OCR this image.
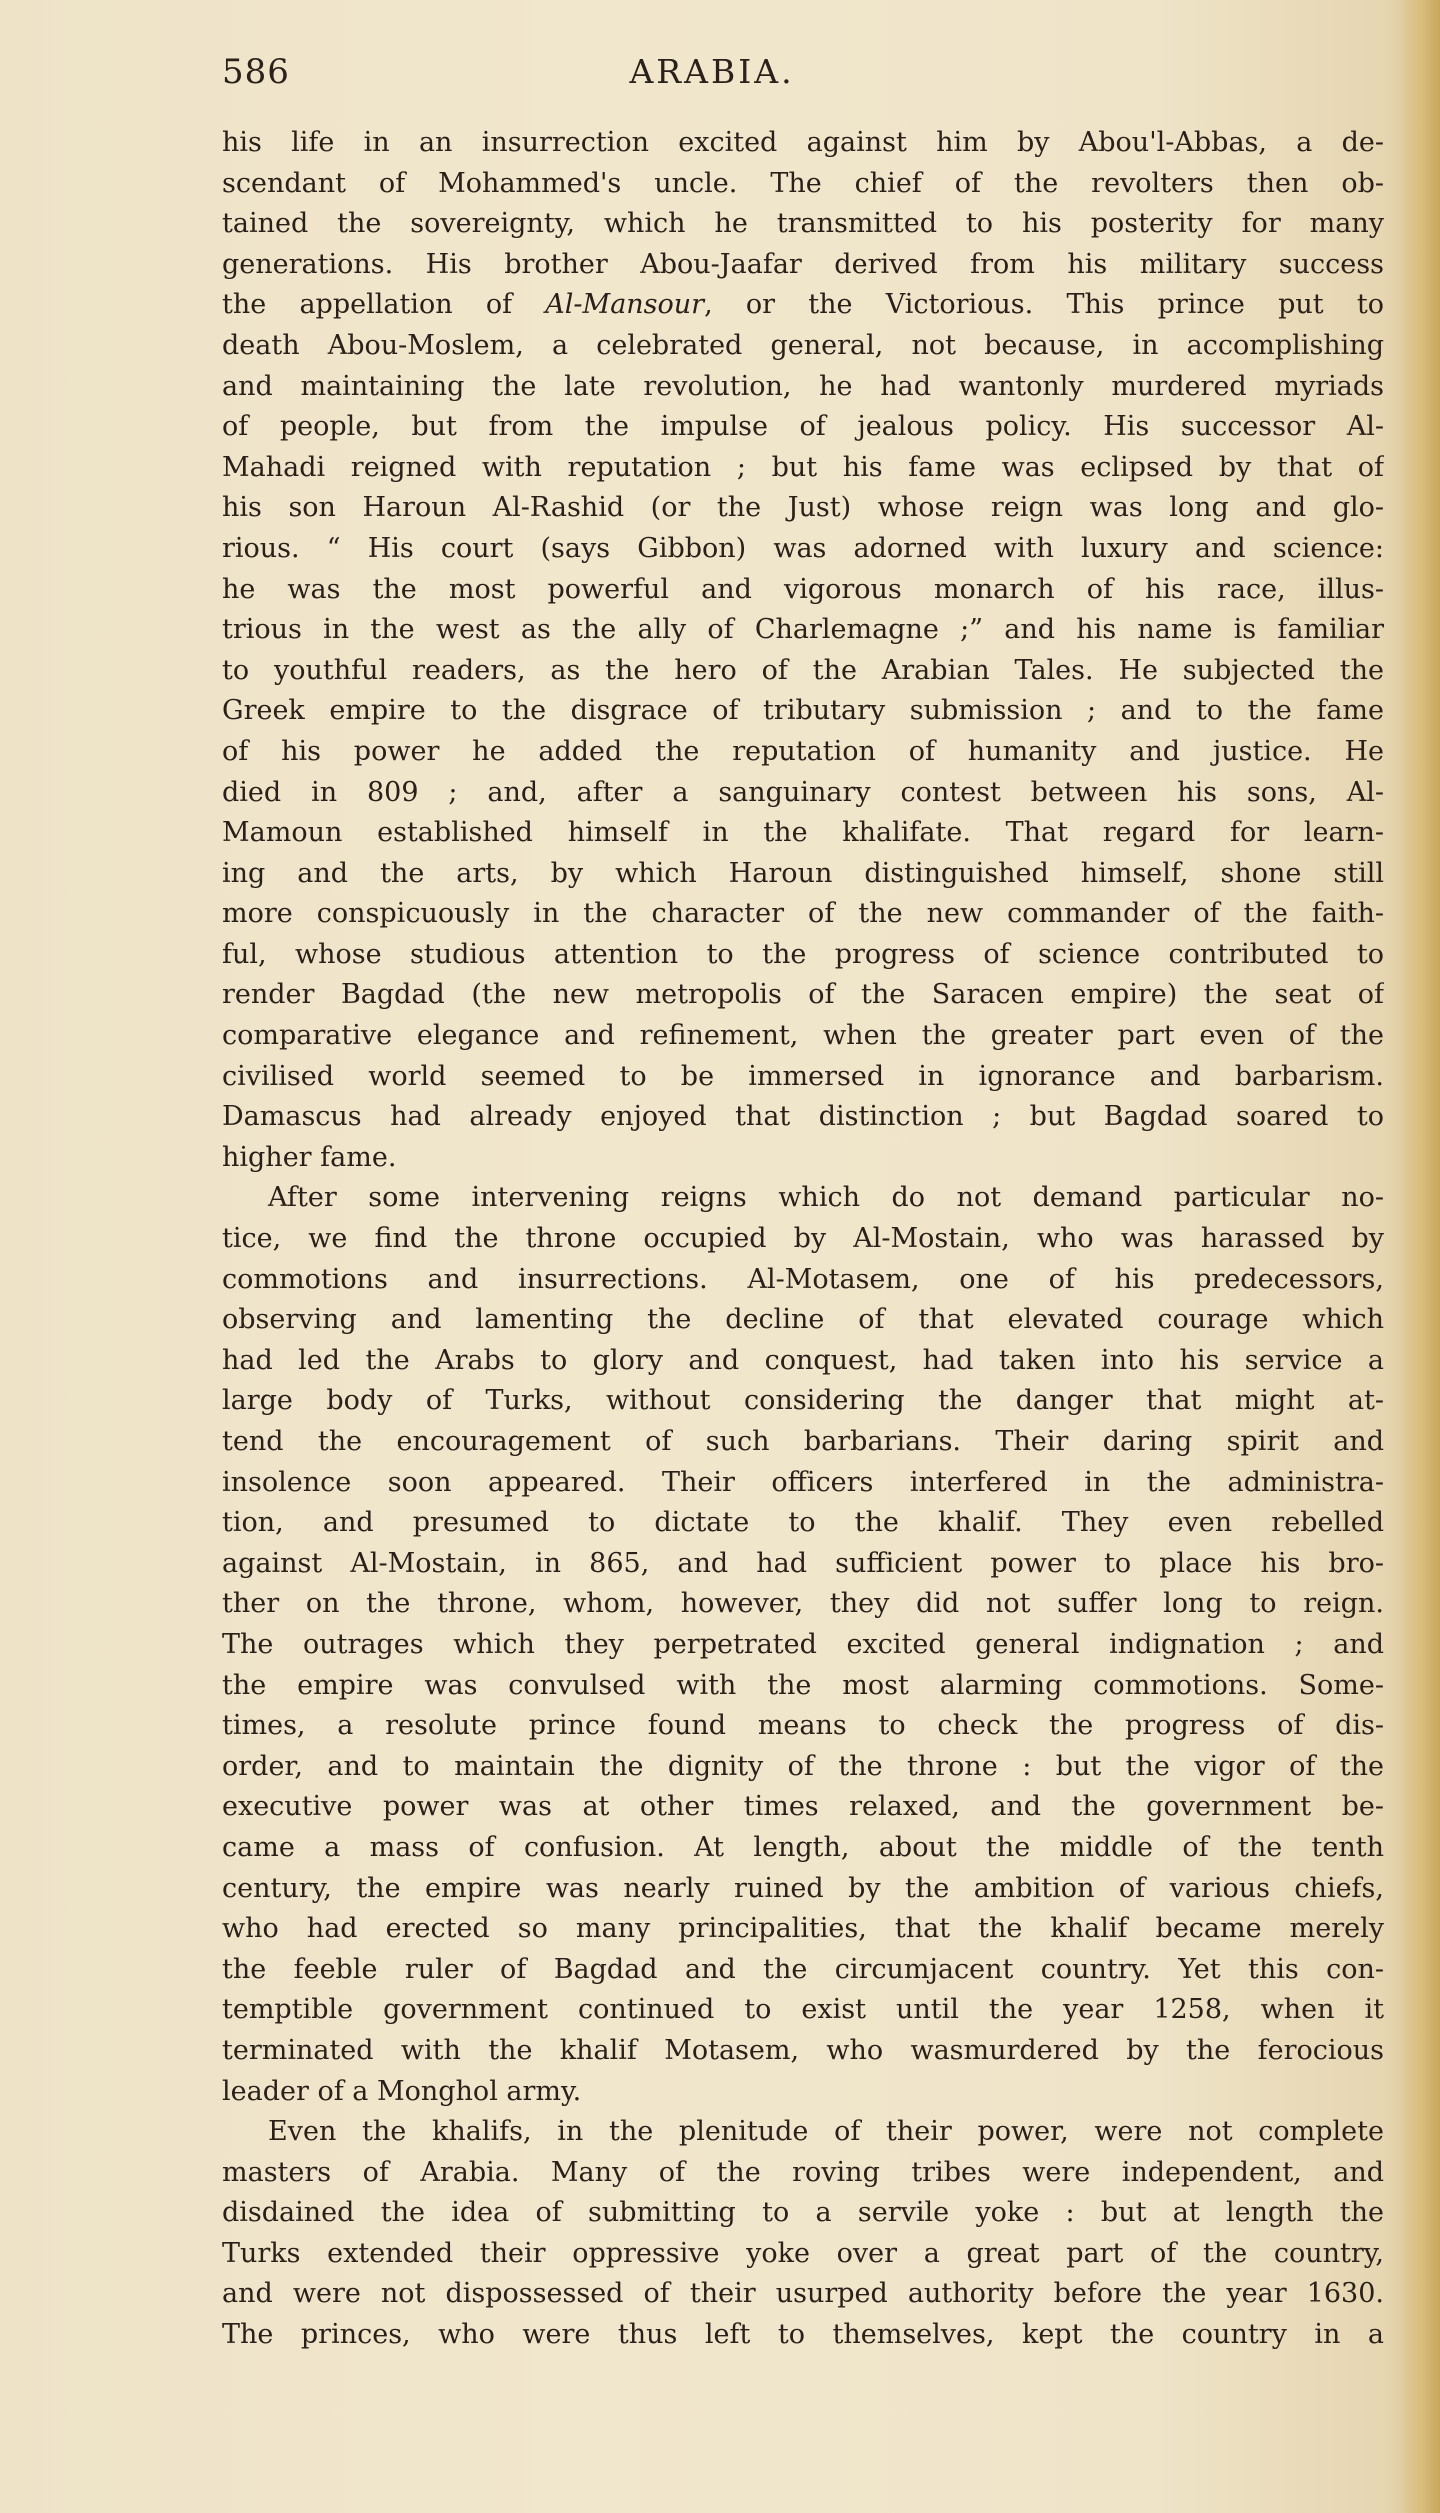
586	ARABIA.
his life in an insurrection excited against him by Abou'l-Abbas, a de-
scendant of Mohammed's uncle. The chief of the revolters then ob-
tained the sovereignty, which he transmitted to his posterity for many
generations. His brother Abou-Jaafar derived from his military success
the appellation of Al-Mansour, or the Victorious. This prince put to
death Abou-Moslem, a celebrated general, not because, in accomplishing
and maintaining the late revolution, he had wantonly murdered myriads
of people, but from the impulse of jealous policy. His successor Al-
Mahadi reigned with reputation ; but his fame was eclipsed by that of
his son Haroun Al-Rashid (or the Just) whose reign was long and glo-
rious. “ His court (says Gibbon) was adorned with luxury and science:
he was the most powerful and vigorous monarch of his race, illus-
trious in the west as the ally of Charlemagne ;” and his name is familiar
to youthful readers, as the hero of the Arabian Tales. He subjected the
Greek empire to the disgrace of tributary submission ; and to the fame
of his power he added the reputation of humanity and justice. He
died in 809 ; and, after a sanguinary contest between his sons, Al-
Mamoun established himself in the khalifate. That regard for learn-
ing and the arts, by which Haroun distinguished himself, shone still
more conspicuously in the character of the new commander of the faith-
ful, whose studious attention to the progress of science contributed to
render Bagdad (the new metropolis of the Saracen empire) the seat of
comparative elegance and refinement, when the greater part even of the
civilised world seemed to be immersed in ignorance and barbarism.
Damascus had already enjoyed that distinction ; but Bagdad soared to
higher fame.
After some intervening reigns which do not demand particular no-
tice, we find the throne occupied by Al-Mostain, who was harassed by
commotions and insurrections. Al-Motasem, one of his predecessors,
observing and lamenting the decline of that elevated courage which
had led the Arabs to glory and conquest, had taken into his service a
large body of Turks, without considering the danger that might at-
tend the encouragement of such barbarians. Their daring spirit and
insolence soon appeared. Their officers interfered in the administra-
tion, and presumed to dictate to the khalif. They even rebelled
against Al-Mostain, in 865, and had sufficient power to place his bro-
ther on the throne, whom, however, they did not suffer long to reign.
The outrages which they perpetrated excited general indignation ; and
the empire was convulsed with the most alarming commotions. Some-
times, a resolute prince found means to check the progress of dis-
order, and to maintain the dignity of the throne : but the vigor of the
executive power was at other times relaxed, and the government be-
came a mass of confusion. At length, about the middle of the tenth
century, the empire was nearly ruined by the ambition of various chiefs,
who had erected so many principalities, that the khalif became merely
the feeble ruler of Bagdad and the circumjacent country. Yet this con-
temptible government continued to exist until the year 1258, when it
terminated with the khalif Motasem, who wasmurdered by the ferocious
leader of a Monghol army.
Even the khalifs, in the plenitude of their power, were not complete
masters of Arabia. Many of the roving tribes were independent, and
disdained the idea of submitting to a servile yoke : but at length the
Turks extended their oppressive yoke over a great part of the country,
and were not dispossessed of their usurped authority before the year 1630.
The princes, who were thus left to themselves, kept the country in a
